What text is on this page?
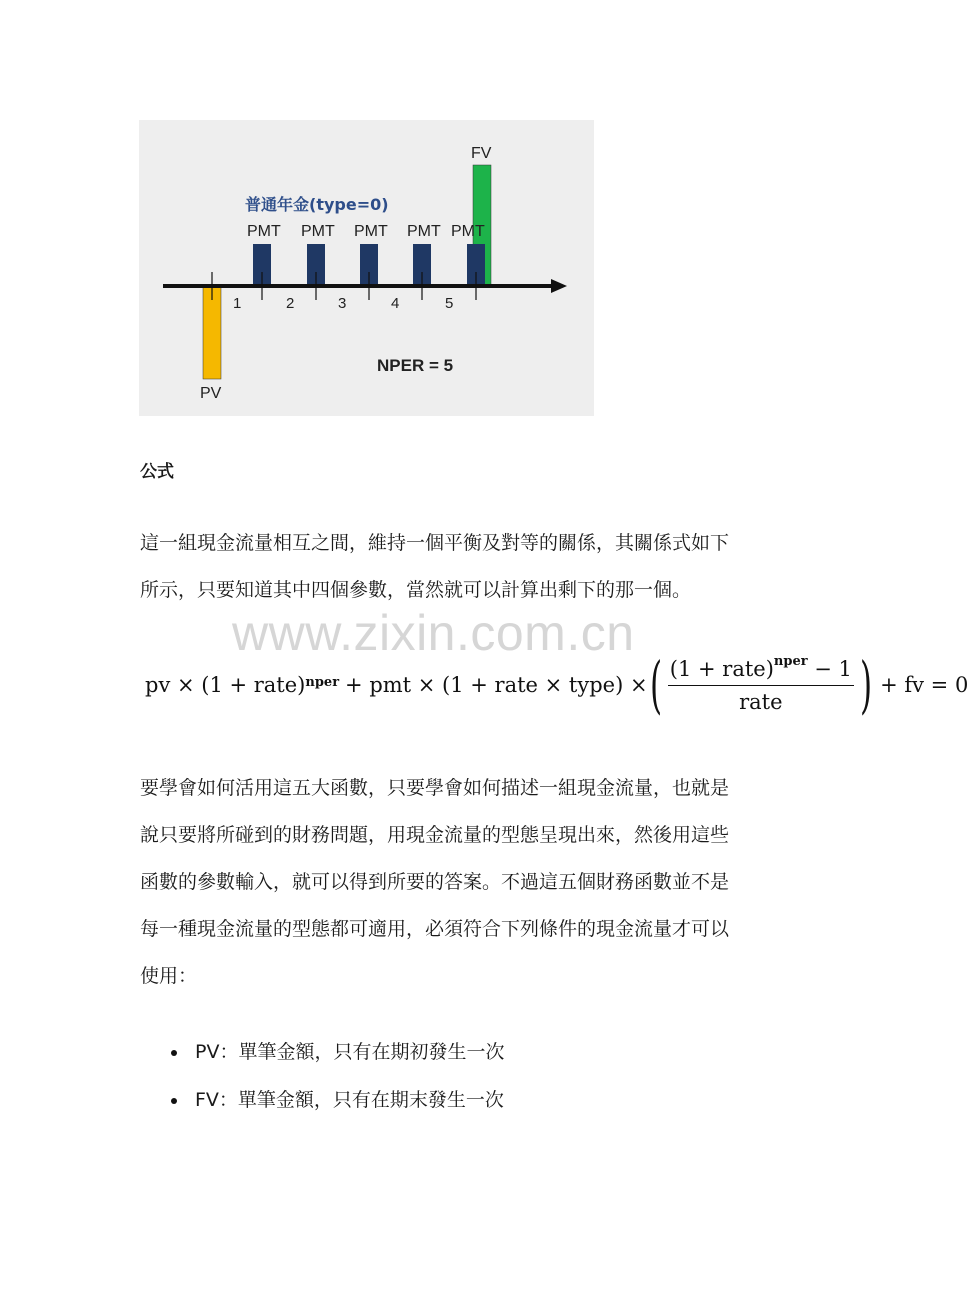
FV
普通年金(type=0)
PMT PMT PMT PMT PMT
1	2	3	4	5
NPER = 5
PV
公式

這一組現金流量相互之間，維持一個平衡及對等的關係，其關係式如下
所示，只要知道其中四個參數，當然就可以計算出剩下的那一個。

www.zixin.com.cn
pv × (1 + rate)$^{nper}$ + pmt × (1 + rate × type) × ( $\frac{(1 + rate)^{nper} - 1}{\text{rate}}$ ) + fv = 0

要學會如何活用這五大函數，只要學會如何描述一組現金流量，也就是
說只要將所碰到的財務問題，用現金流量的型態呈現出來，然後用這些
函數的參數輸入，就可以得到所要的答案。不過這五個財務函數並不是
每一種現金流量的型態都可適用，必須符合下列條件的現金流量才可以
使用：

PV：單筆金額，只有在期初發生一次
FV：單筆金額，只有在期末發生一次
